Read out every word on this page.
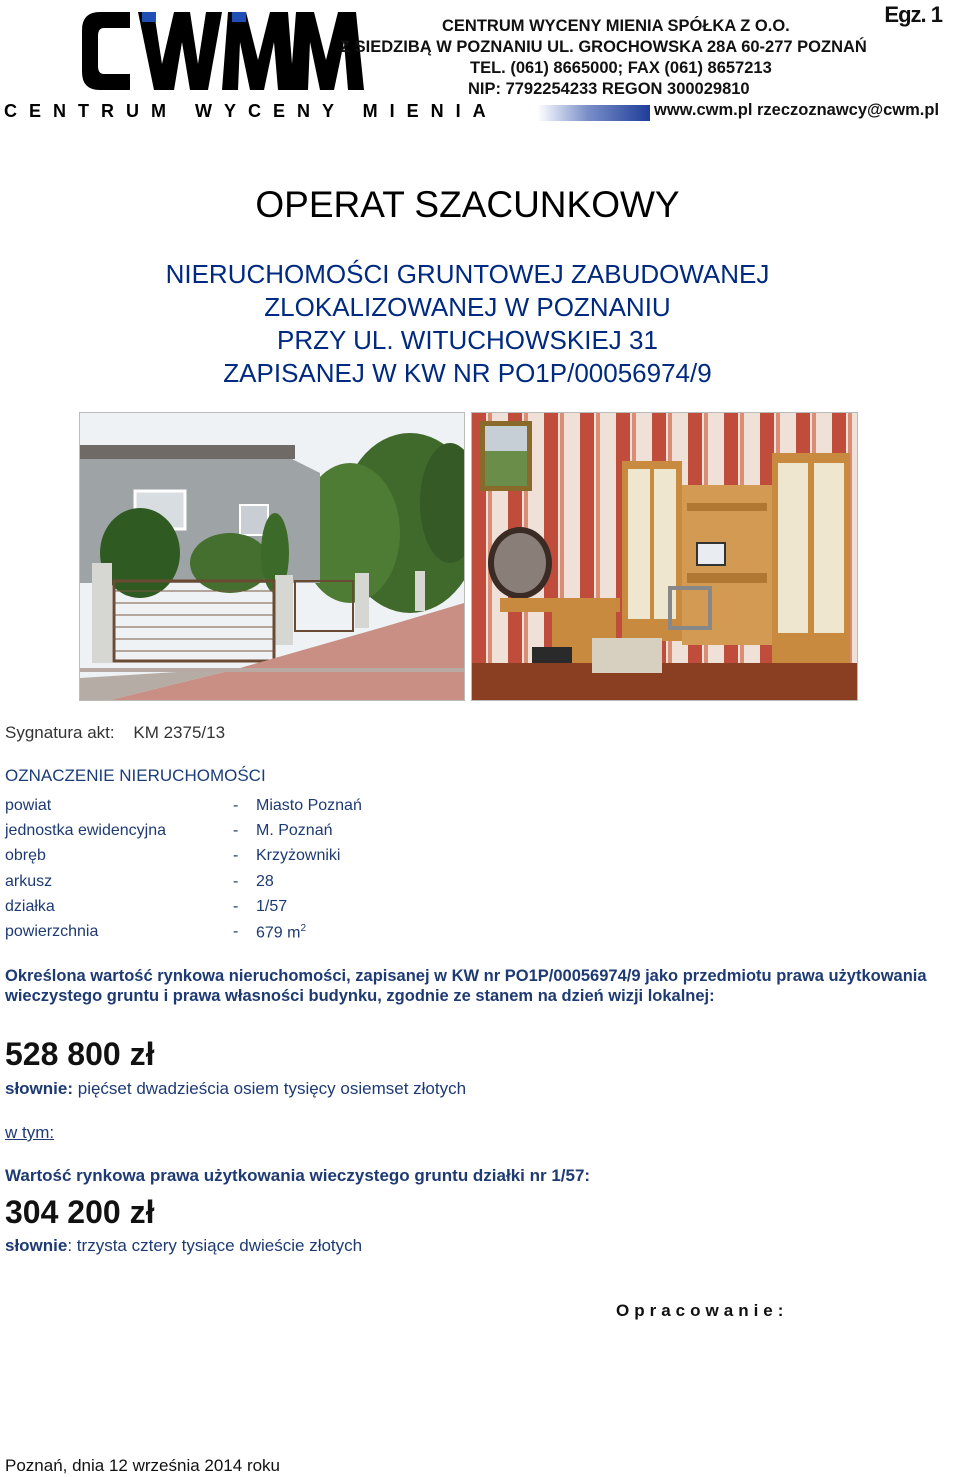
CENTRUM WYCENY MIENIA
Egz. 1
CENTRUM WYCENY MIENIA SPÓŁKA Z O.O.
Z SIEDZIBĄ W POZNANIU UL. GROCHOWSKA 28A 60-277 POZNAŃ
TEL. (061) 8665000; FAX (061) 8657213
NIP: 7792254233 REGON 300029810
www.cwm.pl rzeczoznawcy@cwm.pl
OPERAT SZACUNKOWY
NIERUCHOMOŚCI GRUNTOWEJ ZABUDOWANEJ
ZLOKALIZOWANEJ W POZNANIU
PRZY UL. WITUCHOWSKIEJ 31
ZAPISANEJ W KW NR PO1P/00056974/9
Sygnatura akt: KM 2375/13
OZNACZENIE NIERUCHOMOŚCI
powiat	- Miasto Poznań
jednostka ewidencyjna	- M. Poznań
obręb	- Krzyżowniki
arkusz	- 28
działka	- 1/57
powierzchnia	- 679 $m^2$
Określona wartość rynkowa nieruchomości, zapisanej w KW nr PO1P/00056974/9 jako przedmiotu prawa użytkowania wieczystego gruntu i prawa własności budynku, zgodnie ze stanem na dzień wizji lokalnej:
528 800 zł
słownie: pięćset dwadzieścia osiem tysięcy osiemset złotych
w tym:
Wartość rynkowa prawa użytkowania wieczystego gruntu działki nr 1/57:
304 200 zł
słownie: trzysta cztery tysiące dwieście złotych
Opracowanie:
Poznań, dnia 12 września 2014 roku
